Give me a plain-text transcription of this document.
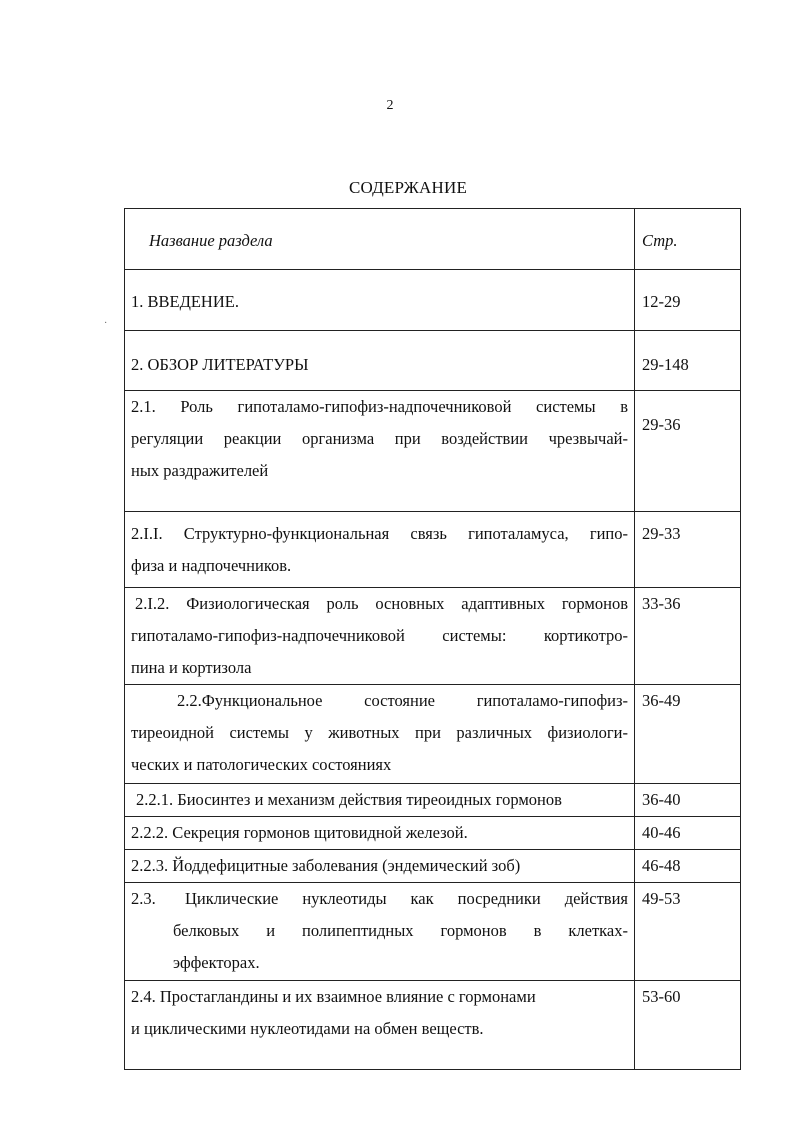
2
СОДЕРЖАНИЕ
·
Название раздела	Стр.

1. ВВЕДЕНИЕ.	12-29

2. ОБЗОР ЛИТЕРАТУРЫ	29-148

2.1. Роль гипоталамо-гипофиз-надпочечниковой системы в
регуляции реакции организма при воздействии чрезвычай-
ных раздражителей	29-36

2.I.I. Структурно-функциональная связь гипоталамуса, гипо-
физа и надпочечников.	29-33

2.I.2. Физиологическая роль основных адаптивных гормонов
гипоталамо-гипофиз-надпочечниковой системы: кортикотро-
пина и кортизола	33-36

2.2.Функциональное состояние гипоталамо-гипофиз-
тиреоидной системы у животных при различных физиологи-
ческих и патологических состояниях	36-49

2.2.1. Биосинтез и механизм действия тиреоидных гормонов	36-40

2.2.2. Секреция гормонов щитовидной железой.	40-46

2.2.3. Йоддефицитные заболевания (эндемический зоб)	46-48

2.3. Циклические нуклеотиды как посредники действия
белковых и полипептидных гормонов в клетках-
эффекторах.	49-53

2.4. Простагландины и их взаимное влияние с гормонами
и циклическими нуклеотидами на обмен веществ.	53-60
